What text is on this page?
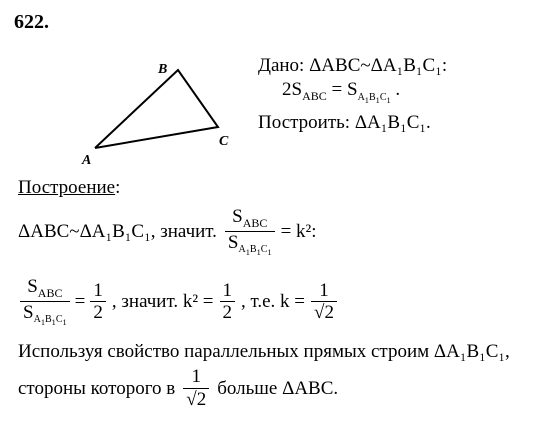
622.
A
B
C
Дано: ΔABC~ΔA₁B₁C₁:
$2S_{ABC} = S_{A_1B_1C_1}$ .
Построить: ΔA₁B₁C₁.
Построение:
ΔABC~ΔA₁B₁C₁, значит. $\frac{S_{ABC}}{S_{A_1B_1C_1}} = k^2$:
$\frac{S_{ABC}}{S_{A_1B_1C_1}} = \frac{1}{2}$ , значит. $k^2 = \frac{1}{2}$ , т.е. $k = \frac{1}{√2}$
Используя свойство параллельных прямых строим ΔA₁B₁C₁,
стороны которого в $\frac{1}{√2}$ больше ΔABC.
